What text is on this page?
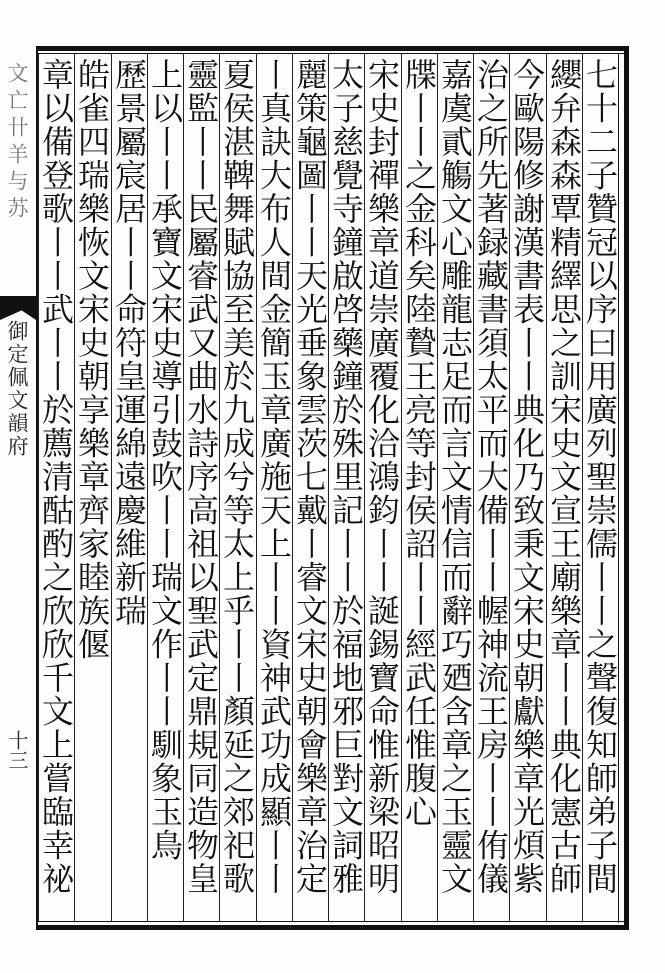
文亡卄羊与苏
御定佩文韻府
十三	七十二子贊冠以序曰用廣列聖崇儒丨丨之聲復知師弟子間
纓弁森森覃精繹思之訓宋史文宣王廟樂章丨丨典化憲古師
今歐陽修謝漢書表丨丨典化乃致秉文宋史朝獻樂章光煩紫
治之所先著録藏書須太平而大備丨丨幄神流王房丨丨侑儀
嘉虞貳觴文心雕龍志足而言文情信而辭巧廼含章之玉靈文
牒丨丨之金科矣陸贄王亮等封侯詔丨丨經武任惟腹心
宋史封禪樂章道崇廣覆化洽鴻鈞丨丨誕錫寶命惟新梁昭明
太子慈覺寺鐘啟啓藥鐘於殊里記丨丨於福地邪巨對文詞雅
麗策龜圖丨丨天光垂象雲茨七戴丨睿文宋史朝會樂章治定
丨真訣大布人間金簡玉章廣施天上丨丨資神武功成顯丨丨
夏侯湛鞞舞賦協至美於九成兮等太上乎丨丨顏延之郊祀歌
靈監丨丨民屬睿武又曲水詩序高祖以聖武定鼎規同造物皇
上以丨丨承寶文宋史導引鼓吹丨丨瑞文作丨丨馴象玉鳥
歷景屬宸居丨丨命符皇運綿遠慶維新瑞
皓雀四瑞樂恢文宋史朝享樂章齊家睦族偃
章以備登歌丨丨武丨丨於薦清酤酌之欣欣千文上嘗臨幸祕
